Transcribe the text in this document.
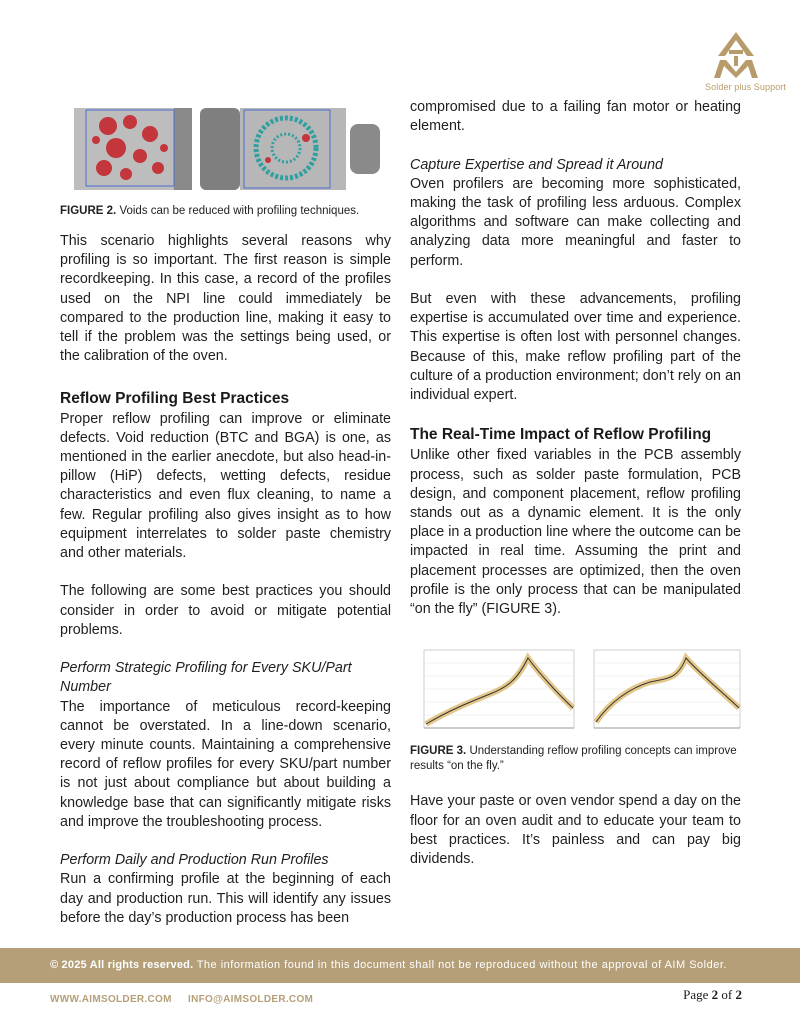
Solder plus Support

FIGURE 2. Voids can be reduced with profiling techniques.

This scenario highlights several reasons why profiling is so important. The first reason is simple recordkeeping. In this case, a record of the profiles used on the NPI line could immediately be compared to the production line, making it easy to tell if the problem was the settings being used, or the calibration of the oven.

Reflow Profiling Best Practices

Proper reflow profiling can improve or eliminate defects. Void reduction (BTC and BGA) is one, as mentioned in the earlier anecdote, but also head-in-pillow (HiP) defects, wetting defects, residue characteristics and even flux cleaning, to name a few. Regular profiling also gives insight as to how equipment interrelates to solder paste chemistry and other materials.

The following are some best practices you should consider in order to avoid or mitigate potential problems.

Perform Strategic Profiling for Every SKU/Part Number

The importance of meticulous record-keeping cannot be overstated. In a line-down scenario, every minute counts. Maintaining a comprehensive record of reflow profiles for every SKU/part number is not just about compliance but about building a knowledge base that can significantly mitigate risks and improve the troubleshooting process.

Perform Daily and Production Run Profiles

Run a confirming profile at the beginning of each day and production run. This will identify any issues before the day’s production process has been

compromised due to a failing fan motor or heating element.

Capture Expertise and Spread it Around

Oven profilers are becoming more sophisticated, making the task of profiling less arduous. Complex algorithms and software can make collecting and analyzing data more meaningful and faster to perform.

But even with these advancements, profiling expertise is accumulated over time and experience. This expertise is often lost with personnel changes. Because of this, make reflow profiling part of the culture of a production environment; don’t rely on an individual expert.

The Real-Time Impact of Reflow Profiling

Unlike other fixed variables in the PCB assembly process, such as solder paste formulation, PCB design, and component placement, reflow profiling stands out as a dynamic element. It is the only place in a production line where the outcome can be impacted in real time. Assuming the print and placement processes are optimized, then the oven profile is the only process that can be manipulated “on the fly” (FIGURE 3).

FIGURE 3. Understanding reflow profiling concepts can improve results “on the fly.”

Have your paste or oven vendor spend a day on the floor for an oven audit and to educate your team to best practices. It’s painless and can pay big dividends.

© 2025 All rights reserved. The information found in this document shall not be reproduced without the approval of AIM Solder.
WWW.AIMSOLDER.COM INFO@AIMSOLDER.COM	Page 2 of 2
